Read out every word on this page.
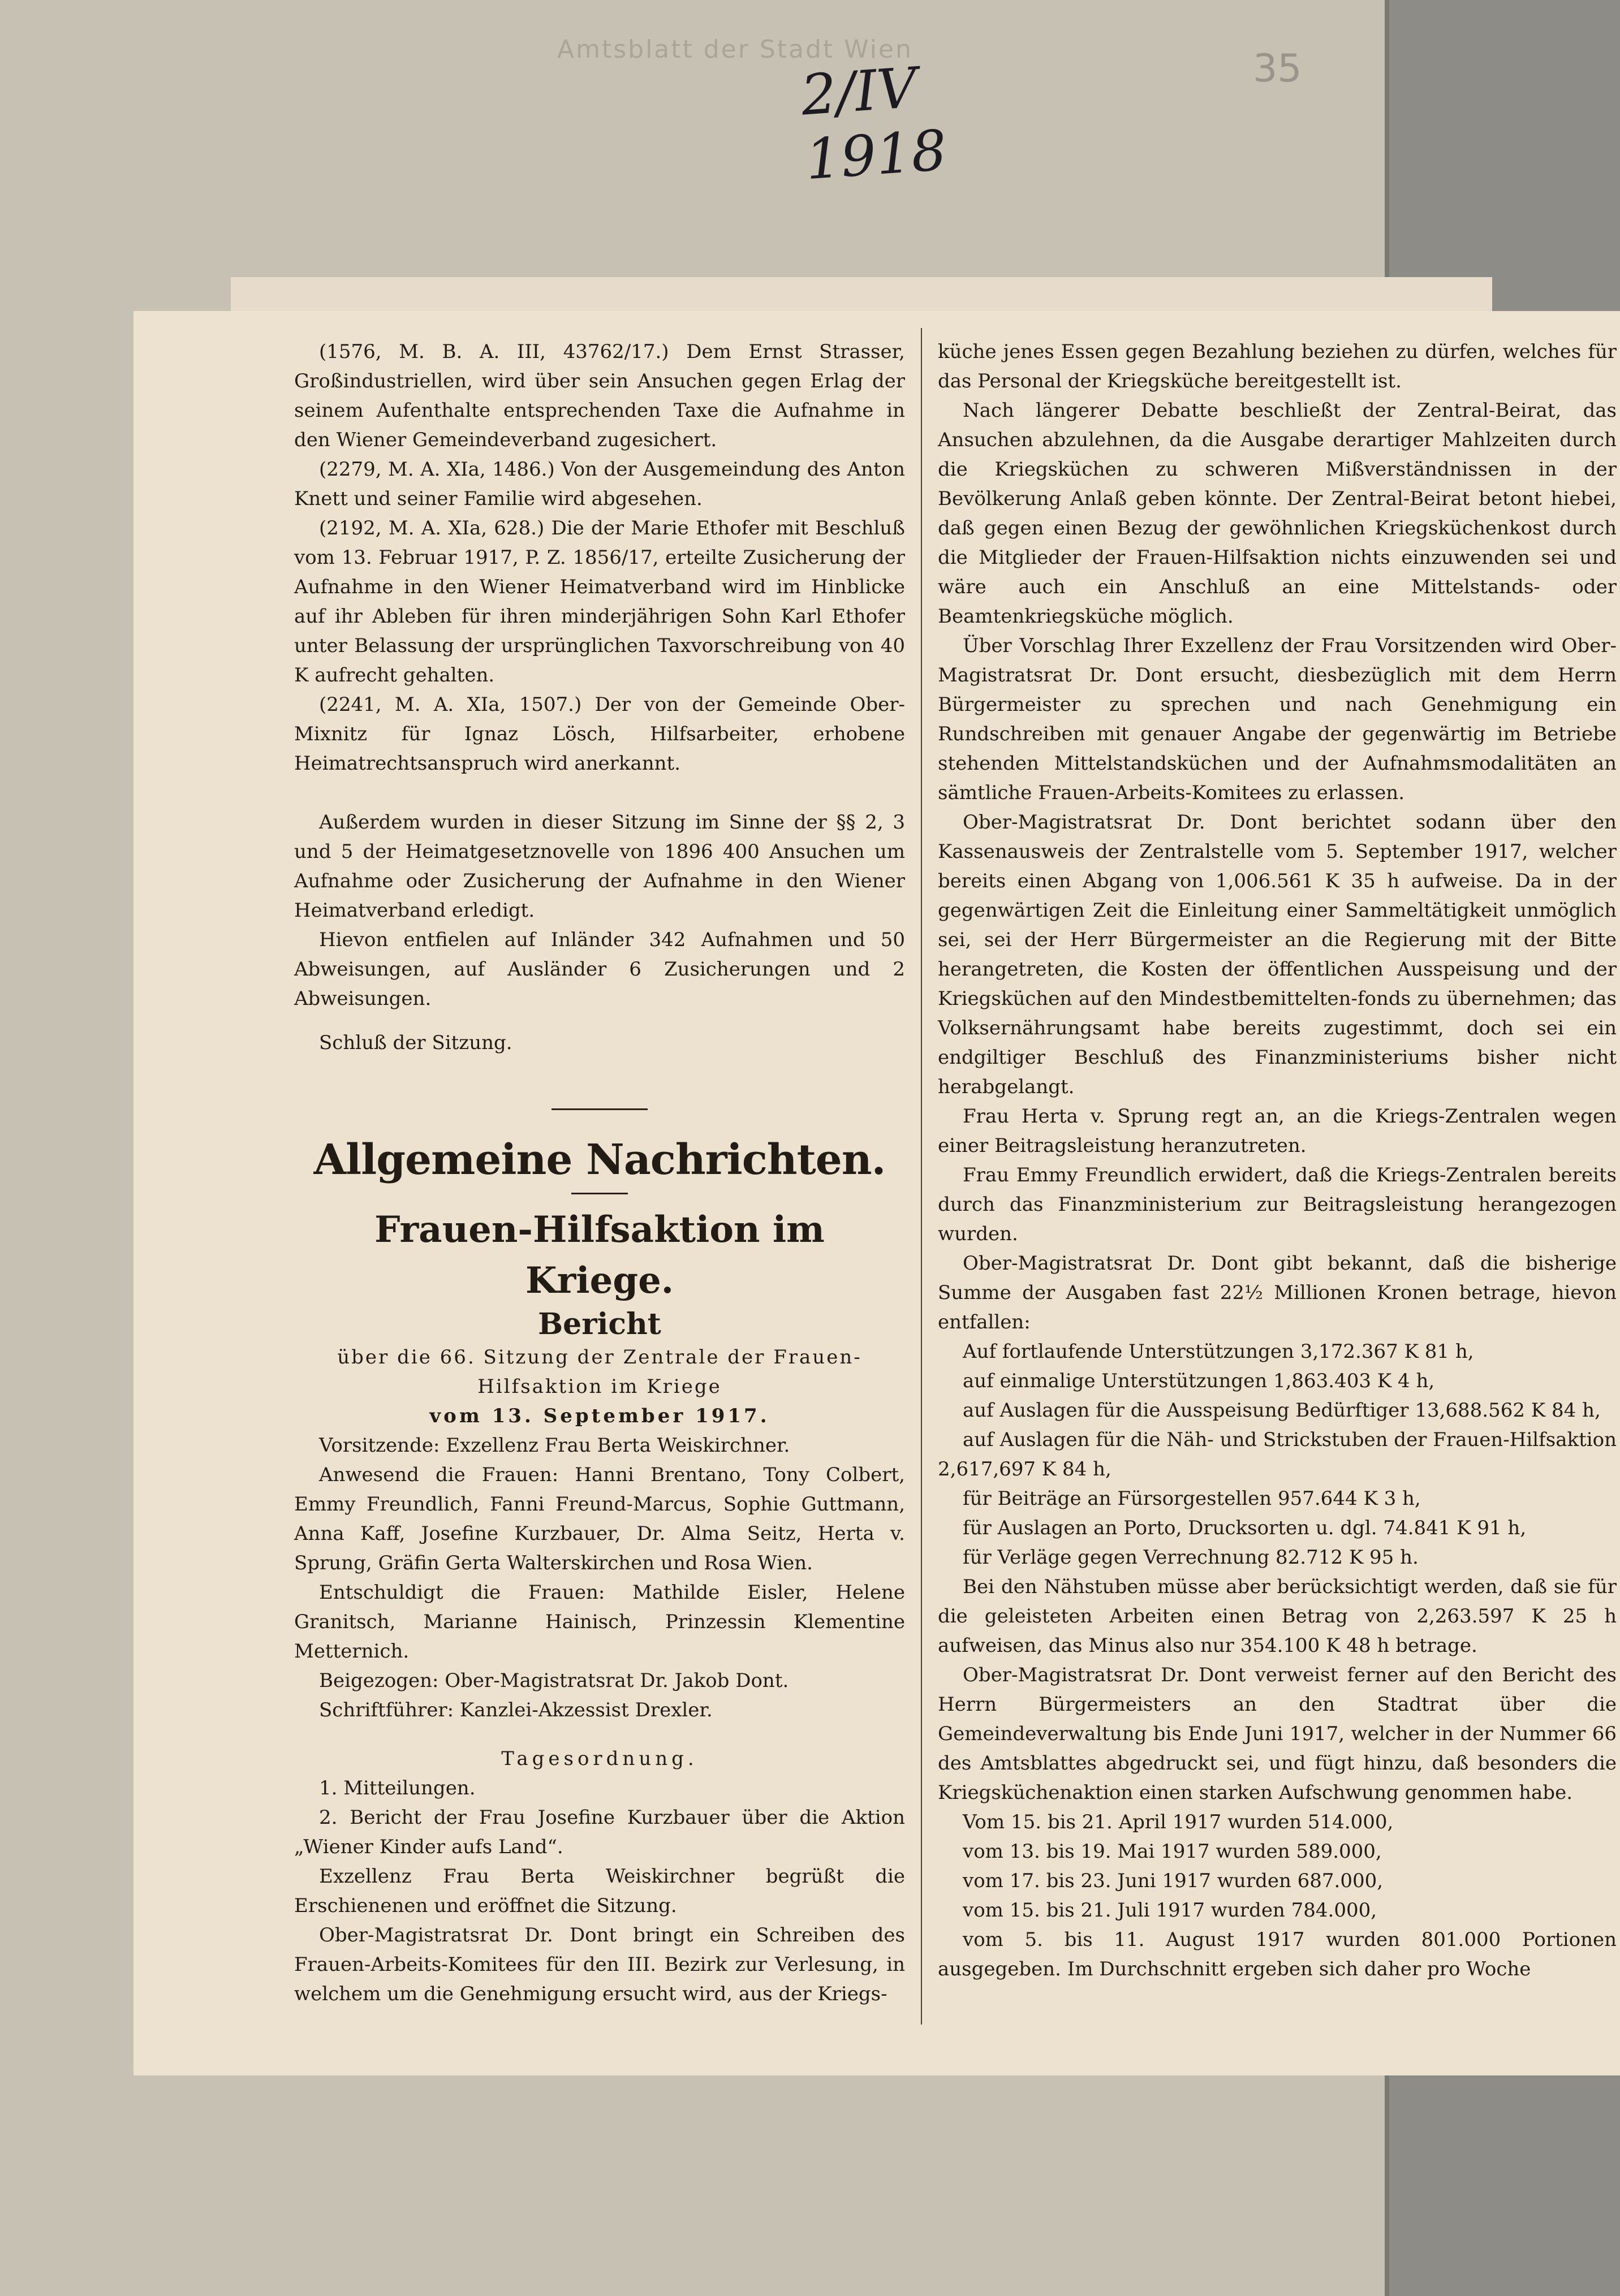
Amtsblatt der Stadt Wien
2/IV 1918
35

(1576, M. B. A. III, 43762/17.) Dem Ernst Strasser, Großindustriellen, wird über sein Ansuchen gegen Erlag der seinem Aufenthalte entsprechenden Taxe die Aufnahme in den Wiener Gemeindeverband zugesichert.

(2279, M. A. XIa, 1486.) Von der Ausgemeindung des Anton Knett und seiner Familie wird abgesehen.

(2192, M. A. XIa, 628.) Die der Marie Ethofer mit Beschluß vom 13. Februar 1917, P. Z. 1856/17, erteilte Zusicherung der Aufnahme in den Wiener Heimatverband wird im Hinblicke auf ihr Ableben für ihren minderjährigen Sohn Karl Ethofer unter Belassung der ursprünglichen Taxvorschreibung von 40 K aufrecht gehalten.

(2241, M. A. XIa, 1507.) Der von der Gemeinde Ober-Mixnitz für Ignaz Lösch, Hilfsarbeiter, erhobene Heimatrechtsanspruch wird anerkannt.

Außerdem wurden in dieser Sitzung im Sinne der §§ 2, 3 und 5 der Heimatgesetznovelle von 1896 400 Ansuchen um Aufnahme oder Zusicherung der Aufnahme in den Wiener Heimatverband erledigt.

Hievon entfielen auf Inländer 342 Aufnahmen und 50 Abweisungen, auf Ausländer 6 Zusicherungen und 2 Abweisungen.

Schluß der Sitzung.

Allgemeine Nachrichten.
Frauen-Hilfsaktion im Kriege.
Bericht

über die 66. Sitzung der Zentrale der Frauen-Hilfsaktion im Kriege

vom 13. September 1917.

Vorsitzende: Exzellenz Frau Berta Weiskirchner.

Anwesend die Frauen: Hanni Brentano, Tony Colbert, Emmy Freundlich, Fanni Freund-Marcus, Sophie Guttmann, Anna Kaff, Josefine Kurzbauer, Dr. Alma Seitz, Herta v. Sprung, Gräfin Gerta Walterskirchen und Rosa Wien.

Entschuldigt die Frauen: Mathilde Eisler, Helene Granitsch, Marianne Hainisch, Prinzessin Klementine Metternich.

Beigezogen: Ober-Magistratsrat Dr. Jakob Dont.

Schriftführer: Kanzlei-Akzessist Drexler.

Tagesordnung.

1. Mitteilungen.

2. Bericht der Frau Josefine Kurzbauer über die Aktion „Wiener Kinder aufs Land“.

Exzellenz Frau Berta Weiskirchner begrüßt die Erschienenen und eröffnet die Sitzung.

Ober-Magistratsrat Dr. Dont bringt ein Schreiben des Frauen-Arbeits-Komitees für den III. Bezirk zur Verlesung, in welchem um die Genehmigung ersucht wird, aus der Kriegs-

küche jenes Essen gegen Bezahlung beziehen zu dürfen, welches für das Personal der Kriegsküche bereitgestellt ist.

Nach längerer Debatte beschließt der Zentral-Beirat, das Ansuchen abzulehnen, da die Ausgabe derartiger Mahlzeiten durch die Kriegsküchen zu schweren Mißverständnissen in der Bevölkerung Anlaß geben könnte. Der Zentral-Beirat betont hiebei, daß gegen einen Bezug der gewöhnlichen Kriegsküchenkost durch die Mitglieder der Frauen-Hilfsaktion nichts einzuwenden sei und wäre auch ein Anschluß an eine Mittelstands- oder Beamtenkriegsküche möglich.

Über Vorschlag Ihrer Exzellenz der Frau Vorsitzenden wird Ober-Magistratsrat Dr. Dont ersucht, diesbezüglich mit dem Herrn Bürgermeister zu sprechen und nach Genehmigung ein Rundschreiben mit genauer Angabe der gegenwärtig im Betriebe stehenden Mittelstandsküchen und der Aufnahmsmodalitäten an sämtliche Frauen-Arbeits-Komitees zu erlassen.

Ober-Magistratsrat Dr. Dont berichtet sodann über den Kassenausweis der Zentralstelle vom 5. September 1917, welcher bereits einen Abgang von 1,006.561 K 35 h aufweise. Da in der gegenwärtigen Zeit die Einleitung einer Sammeltätigkeit unmöglich sei, sei der Herr Bürgermeister an die Regierung mit der Bitte herangetreten, die Kosten der öffentlichen Ausspeisung und der Kriegsküchen auf den Mindestbemittelten-fonds zu übernehmen; das Volksernährungsamt habe bereits zugestimmt, doch sei ein endgiltiger Beschluß des Finanzministeriums bisher nicht herabgelangt.

Frau Herta v. Sprung regt an, an die Kriegs-Zentralen wegen einer Beitragsleistung heranzutreten.

Frau Emmy Freundlich erwidert, daß die Kriegs-Zentralen bereits durch das Finanzministerium zur Beitragsleistung herangezogen wurden.

Ober-Magistratsrat Dr. Dont gibt bekannt, daß die bisherige Summe der Ausgaben fast 22½ Millionen Kronen betrage, hievon entfallen:

Auf fortlaufende Unterstützungen 3,172.367 K 81 h,

auf einmalige Unterstützungen 1,863.403 K 4 h,

auf Auslagen für die Ausspeisung Bedürftiger 13,688.562 K 84 h,

auf Auslagen für die Näh- und Strickstuben der Frauen-Hilfsaktion 2,617,697 K 84 h,

für Beiträge an Fürsorgestellen 957.644 K 3 h,

für Auslagen an Porto, Drucksorten u. dgl. 74.841 K 91 h,

für Verläge gegen Verrechnung 82.712 K 95 h.

Bei den Nähstuben müsse aber berücksichtigt werden, daß sie für die geleisteten Arbeiten einen Betrag von 2,263.597 K 25 h aufweisen, das Minus also nur 354.100 K 48 h betrage.

Ober-Magistratsrat Dr. Dont verweist ferner auf den Bericht des Herrn Bürgermeisters an den Stadtrat über die Gemeindeverwaltung bis Ende Juni 1917, welcher in der Nummer 66 des Amtsblattes abgedruckt sei, und fügt hinzu, daß besonders die Kriegsküchenaktion einen starken Aufschwung genommen habe.

Vom 15. bis 21. April 1917 wurden 514.000,

vom 13. bis 19. Mai 1917 wurden 589.000,

vom 17. bis 23. Juni 1917 wurden 687.000,

vom 15. bis 21. Juli 1917 wurden 784.000,

vom 5. bis 11. August 1917 wurden 801.000 Portionen ausgegeben. Im Durchschnitt ergeben sich daher pro Woche
